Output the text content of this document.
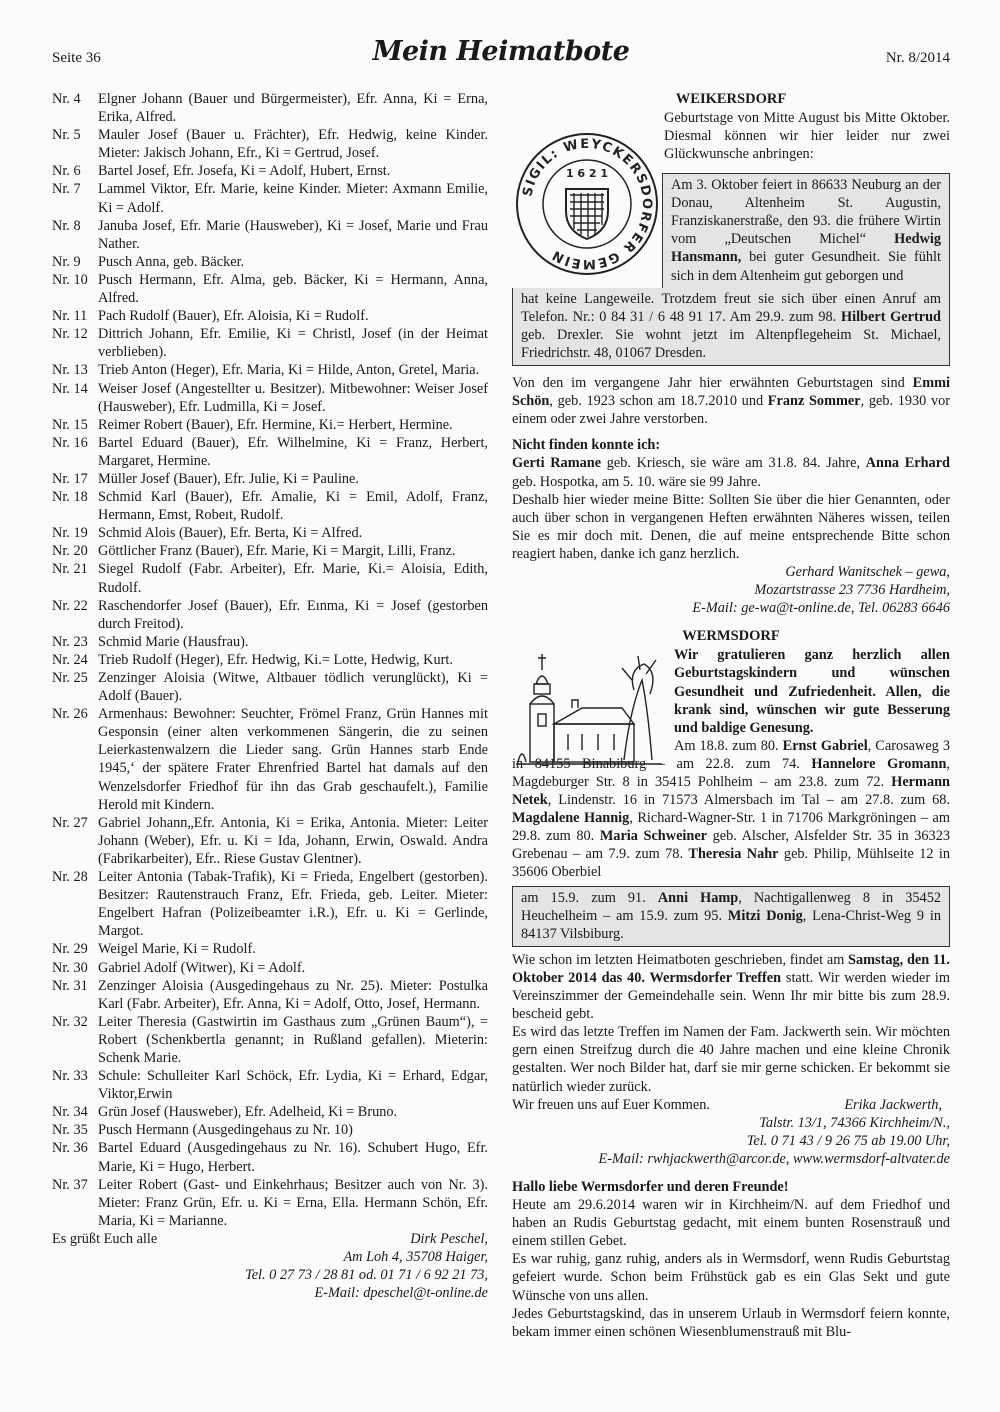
Seite 36	Mein Heimatbote	Nr. 8/2014
Nr. 4	Elgner Johann (Bauer und Bürgermeister), Efr. Anna, Ki = Erna, Erika, Alfred.
Nr. 5	Mauler Josef (Bauer u. Frächter), Efr. Hedwig, keine Kinder. Mieter: Jakisch Johann, Efr., Ki = Gertrud, Josef.
Nr. 6	Bartel Josef, Efr. Josefa, Ki = Adolf, Hubert, Ernst.
Nr. 7	Lammel Viktor, Efr. Marie, keine Kinder. Mieter: Axmann Emilie, Ki = Adolf.
Nr. 8	Januba Josef, Efr. Marie (Hausweber), Ki = Josef, Marie und Frau Nather.
Nr. 9	Pusch Anna, geb. Bäcker.
Nr. 10 Pusch Hermann, Efr. Alma, geb. Bäcker, Ki = Hermann, Anna, Alfred.
Nr. 11 Pach Rudolf (Bauer), Efr. Aloisia, Ki = Rudolf.
Nr. 12 Dittrich Johann, Efr. Emilie, Ki = Christl, Josef (in der Heimat verblieben).
Nr. 13 Trieb Anton (Heger), Efr. Maria, Ki = Hilde, Anton, Gretel, Maria.
Nr. 14 Weiser Josef (Angestellter u. Besitzer). Mitbewohner: Weiser Josef (Hausweber), Efr. Ludmilla, Ki = Josef.
Nr. 15 Reimer Robert (Bauer), Efr. Hermine, Ki.= Herbert, Hermine.
Nr. 16 Bartel Eduard (Bauer), Efr. Wilhelmine, Ki = Franz, Herbert, Margaret, Hermine.
Nr. 17 Müller Josef (Bauer), Efr. Julie, Ki = Pauline.
Nr. 18 Schmid Karl (Bauer), Efr. Amalie, Ki = Emil, Adolf, Franz, Hermann, Emst, Robeıt, Rudolf.
Nr. 19 Schmid Alois (Bauer), Efr. Berta, Ki = Alfred.
Nr. 20 Göttlicher Franz (Bauer), Efr. Marie, Ki = Margit, Lilli, Franz.
Nr. 21 Siegel Rudolf (Fabr. Arbeiter), Efr. Marie, Ki.= Aloisia, Edith, Rudolf.
Nr. 22 Raschendorfer Josef (Bauer), Efr. Eınma, Ki = Josef (gestorben durch Freitod).
Nr. 23 Schmid Marie (Hausfrau).
Nr. 24 Trieb Rudolf (Heger), Efr. Hedwig, Ki.= Lotte, Hedwig, Kurt.
Nr. 25 Zenzinger Aloisia (Witwe, Altbauer tödlich verunglückt), Ki = Adolf (Bauer).
Nr. 26 Armenhaus: Bewohner: Seuchter, Frömel Franz, Grün Hannes mit Gesponsin (einer alten verkommenen Sängerin, die zu seinen Leierkastenwalzern die Lieder sang. Grün Hannes starb Ende 1945,‘ der spätere Frater Ehrenfried Bartel hat damals auf den Wenzelsdorfer Friedhof für ihn das Grab geschaufelt.), Familie Herold mit Kindern.
Nr. 27 Gabriel Johann„Efr. Antonia, Ki = Erika, Antonia. Mieter: Leiter Johann (Weber), Efr. u. Ki = Ida, Johann, Erwin, Oswald. Andra (Fabrikarbeiter), Efr.. Riese Gustav Glentner).
Nr. 28 Leiter Antonia (Tabak-Trafik), Ki = Frieda, Engelbert (gestorben). Besitzer: Rautenstrauch Franz, Efr. Frieda, geb. Leiter. Mieter: Engelbert Hafran (Polizeibeamter i.R.), Efr. u. Ki = Gerlinde, Margot.
Nr. 29 Weigel Marie, Ki = Rudolf.
Nr. 30 Gabriel Adolf (Witwer), Ki = Adolf.
Nr. 31 Zenzinger Aloisia (Ausgedingehaus zu Nr. 25). Mieter: Postulka Karl (Fabr. Arbeiter), Efr. Anna, Ki = Adolf, Otto, Josef, Hermann.
Nr. 32 Leiter Theresia (Gastwirtin im Gasthaus zum „Grünen Baum“), = Robert (Schenkbertla genannt; in Rußland gefallen). Mieterin: Schenk Marie.
Nr. 33 Schule: Schulleiter Karl Schöck, Efr. Lydia, Ki = Erhard, Edgar, Viktor,Erwin
Nr. 34 Grün Josef (Hausweber), Efr. Adelheid, Ki = Bruno.
Nr. 35 Pusch Hermann (Ausgedingehaus zu Nr. 10)
Nr. 36 Bartel Eduard (Ausgedingehaus zu Nr. 16). Schubert Hugo, Efr. Marie, Ki = Hugo, Herbert.
Nr. 37 Leiter Robert (Gast- und Einkehrhaus; Besitzer auch von Nr. 3). Mieter: Franz Grün, Efr. u. Ki = Erna, Ella. Hermann Schön, Efr. Maria, Ki = Marianne.
Es grüßt Euch alle	Dirk Peschel,
Am Loh 4, 35708 Haiger,
Tel. 0 27 73 / 28 81 od. 01 71 / 6 92 21 73,
E-Mail: dpeschel@t-online.de
WEIKERSDORF
SIGIL: WEYCKERSDORFER GEMEIN
1 6 2 1

Geburtstage von Mitte August bis Mitte Oktober. Diesmal können wir hier leider nur zwei Glückwunsche anbringen:

Am 3. Oktober feiert in 86633 Neuburg an der Donau, Altenheim St. Augustin, Franziskanerstraße, den 93. die frühere Wirtin vom „Deutschen Michel“ Hedwig Hansmann, bei guter Gesundheit. Sie fühlt sich in dem Altenheim gut geborgen und
hat keine Langeweile. Trotzdem freut sie sich über einen Anruf am Telefon. Nr.: 0 84 31 / 6 48 91 17. Am 29.9. zum 98. Hilbert Gertrud geb. Drexler. Sie wohnt jetzt im Altenpflegeheim St. Michael, Friedrichstr. 48, 01067 Dresden.

Von den im vergangene Jahr hier erwähnten Geburtstagen sind Emmi Schön, geb. 1923 schon am 18.7.2010 und Franz Sommer, geb. 1930 vor einem oder zwei Jahre verstorben.

Nicht finden konnte ich:

Gerti Ramane geb. Kriesch, sie wäre am 31.8. 84. Jahre, Anna Erhard geb. Hospotka, am 5. 10. wäre sie 99 Jahre.

Deshalb hier wieder meine Bitte: Sollten Sie über die hier Genannten, oder auch über schon in vergangenen Heften erwähnten Näheres wissen, teilen Sie es mir doch mit. Denen, die auf meine entsprechende Bitte schon reagiert haben, danke ich ganz herzlich.

Gerhard Wanitschek – gewa,
Mozartstrasse 23 7736 Hardheim,
E-Mail: ge-wa@t-online.de, Tel. 06283 6646
WERMSDORF

Wir gratulieren ganz herzlich allen Geburtstagskindern und wünschen Gesundheit und Zufriedenheit. Allen, die krank sind, wünschen wir gute Besserung und baldige Genesung.

Am 18.8. zum 80. Ernst Gabriel, Carosaweg 3 in 84155 Binabiburg – am 22.8. zum 74. Hannelore Gromann, Magdeburger Str. 8 in 35415 Pohlheim – am 23.8. zum 72. Hermann Netek, Lindenstr. 16 in 71573 Almersbach im Tal – am 27.8. zum 68. Magdalene Hannig, Richard-Wagner-Str. 1 in 71706 Markgröningen – am 29.8. zum 80. Maria Schweiner geb. Alscher, Alsfelder Str. 35 in 36323 Grebenau – am 7.9. zum 78. Theresia Nahr geb. Philip, Mühlseite 12 in 35606 Oberbiel

am 15.9. zum 91. Anni Hamp, Nachtigallenweg 8 in 35452 Heuchelheim – am 15.9. zum 95. Mitzi Donig, Lena-Christ-Weg 9 in 84137 Vilsbiburg.

Wie schon im letzten Heimatboten geschrieben, findet am Samstag, den 11. Oktober 2014 das 40. Wermsdorfer Treffen statt. Wir werden wieder im Vereinszimmer der Gemeindehalle sein. Wenn Ihr mir bitte bis zum 28.9. bescheid gebt.

Es wird das letzte Treffen im Namen der Fam. Jackwerth sein. Wir möchten gern einen Streifzug durch die 40 Jahre machen und eine kleine Chronik gestalten. Wer noch Bilder hat, darf sie mir gerne schicken. Er bekommt sie natürlich wieder zurück.

Wir freuen uns auf Euer Kommen.	Erika Jackwerth,
Talstr. 13/1, 74366 Kirchheim/N.,
Tel. 0 71 43 / 9 26 75 ab 19.00 Uhr,
E-Mail: rwhjackwerth@arcor.de, www.wermsdorf-altvater.de

Hallo liebe Wermsdorfer und deren Freunde!

Heute am 29.6.2014 waren wir in Kirchheim/N. auf dem Friedhof und haben an Rudis Geburtstag gedacht, mit einem bunten Rosenstrauß und einem stillen Gebet.

Es war ruhig, ganz ruhig, anders als in Wermsdorf, wenn Rudis Geburtstag gefeiert wurde. Schon beim Frühstück gab es ein Glas Sekt und gute Wünsche von uns allen.

Jedes Geburtstagskind, das in unserem Urlaub in Wermsdorf feiern konnte, bekam immer einen schönen Wiesenblumenstrauß mit Blu-
